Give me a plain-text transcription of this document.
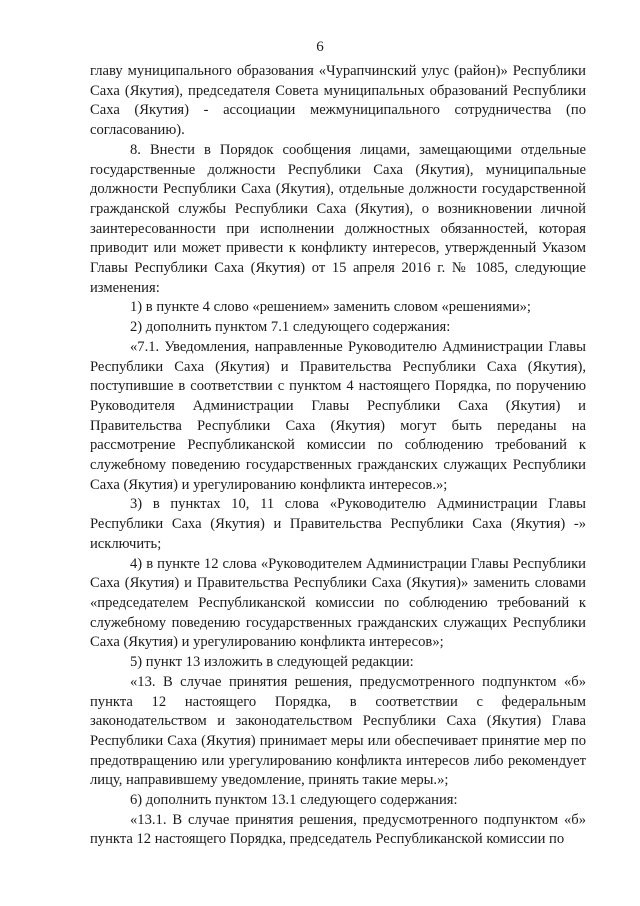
6

главу муниципального образования «Чурапчинский улус (район)» Республики Саха (Якутия), председателя Совета муниципальных образований Республики Саха (Якутия) - ассоциации межмуниципального сотрудничества (по согласованию).

8. Внести в Порядок сообщения лицами, замещающими отдельные государственные должности Республики Саха (Якутия), муниципальные должности Республики Саха (Якутия), отдельные должности государственной гражданской службы Республики Саха (Якутия), о возникновении личной заинтересованности при исполнении должностных обязанностей, которая приводит или может привести к конфликту интересов, утвержденный Указом Главы Республики Саха (Якутия) от 15 апреля 2016 г. № 1085, следующие изменения:

1) в пункте 4 слово «решением» заменить словом «решениями»;

2) дополнить пунктом 7.1 следующего содержания:

«7.1. Уведомления, направленные Руководителю Администрации Главы Республики Саха (Якутия) и Правительства Республики Саха (Якутия), поступившие в соответствии с пунктом 4 настоящего Порядка, по поручению Руководителя Администрации Главы Республики Саха (Якутия) и Правительства Республики Саха (Якутия) могут быть переданы на рассмотрение Республиканской комиссии по соблюдению требований к служебному поведению государственных гражданских служащих Республики Саха (Якутия) и урегулированию конфликта интересов.»;

3) в пунктах 10, 11 слова «Руководителю Администрации Главы Республики Саха (Якутия) и Правительства Республики Саха (Якутия) -» исключить;

4) в пункте 12 слова «Руководителем Администрации Главы Республики Саха (Якутия) и Правительства Республики Саха (Якутия)» заменить словами «председателем Республиканской комиссии по соблюдению требований к служебному поведению государственных гражданских служащих Республики Саха (Якутия) и урегулированию конфликта интересов»;

5) пункт 13 изложить в следующей редакции:

«13. В случае принятия решения, предусмотренного подпунктом «б» пункта 12 настоящего Порядка, в соответствии с федеральным законодательством и законодательством Республики Саха (Якутия) Глава Республики Саха (Якутия) принимает меры или обеспечивает принятие мер по предотвращению или урегулированию конфликта интересов либо рекомендует лицу, направившему уведомление, принять такие меры.»;

6) дополнить пунктом 13.1 следующего содержания:

«13.1. В случае принятия решения, предусмотренного подпунктом «б» пункта 12 настоящего Порядка, председатель Республиканской комиссии по
